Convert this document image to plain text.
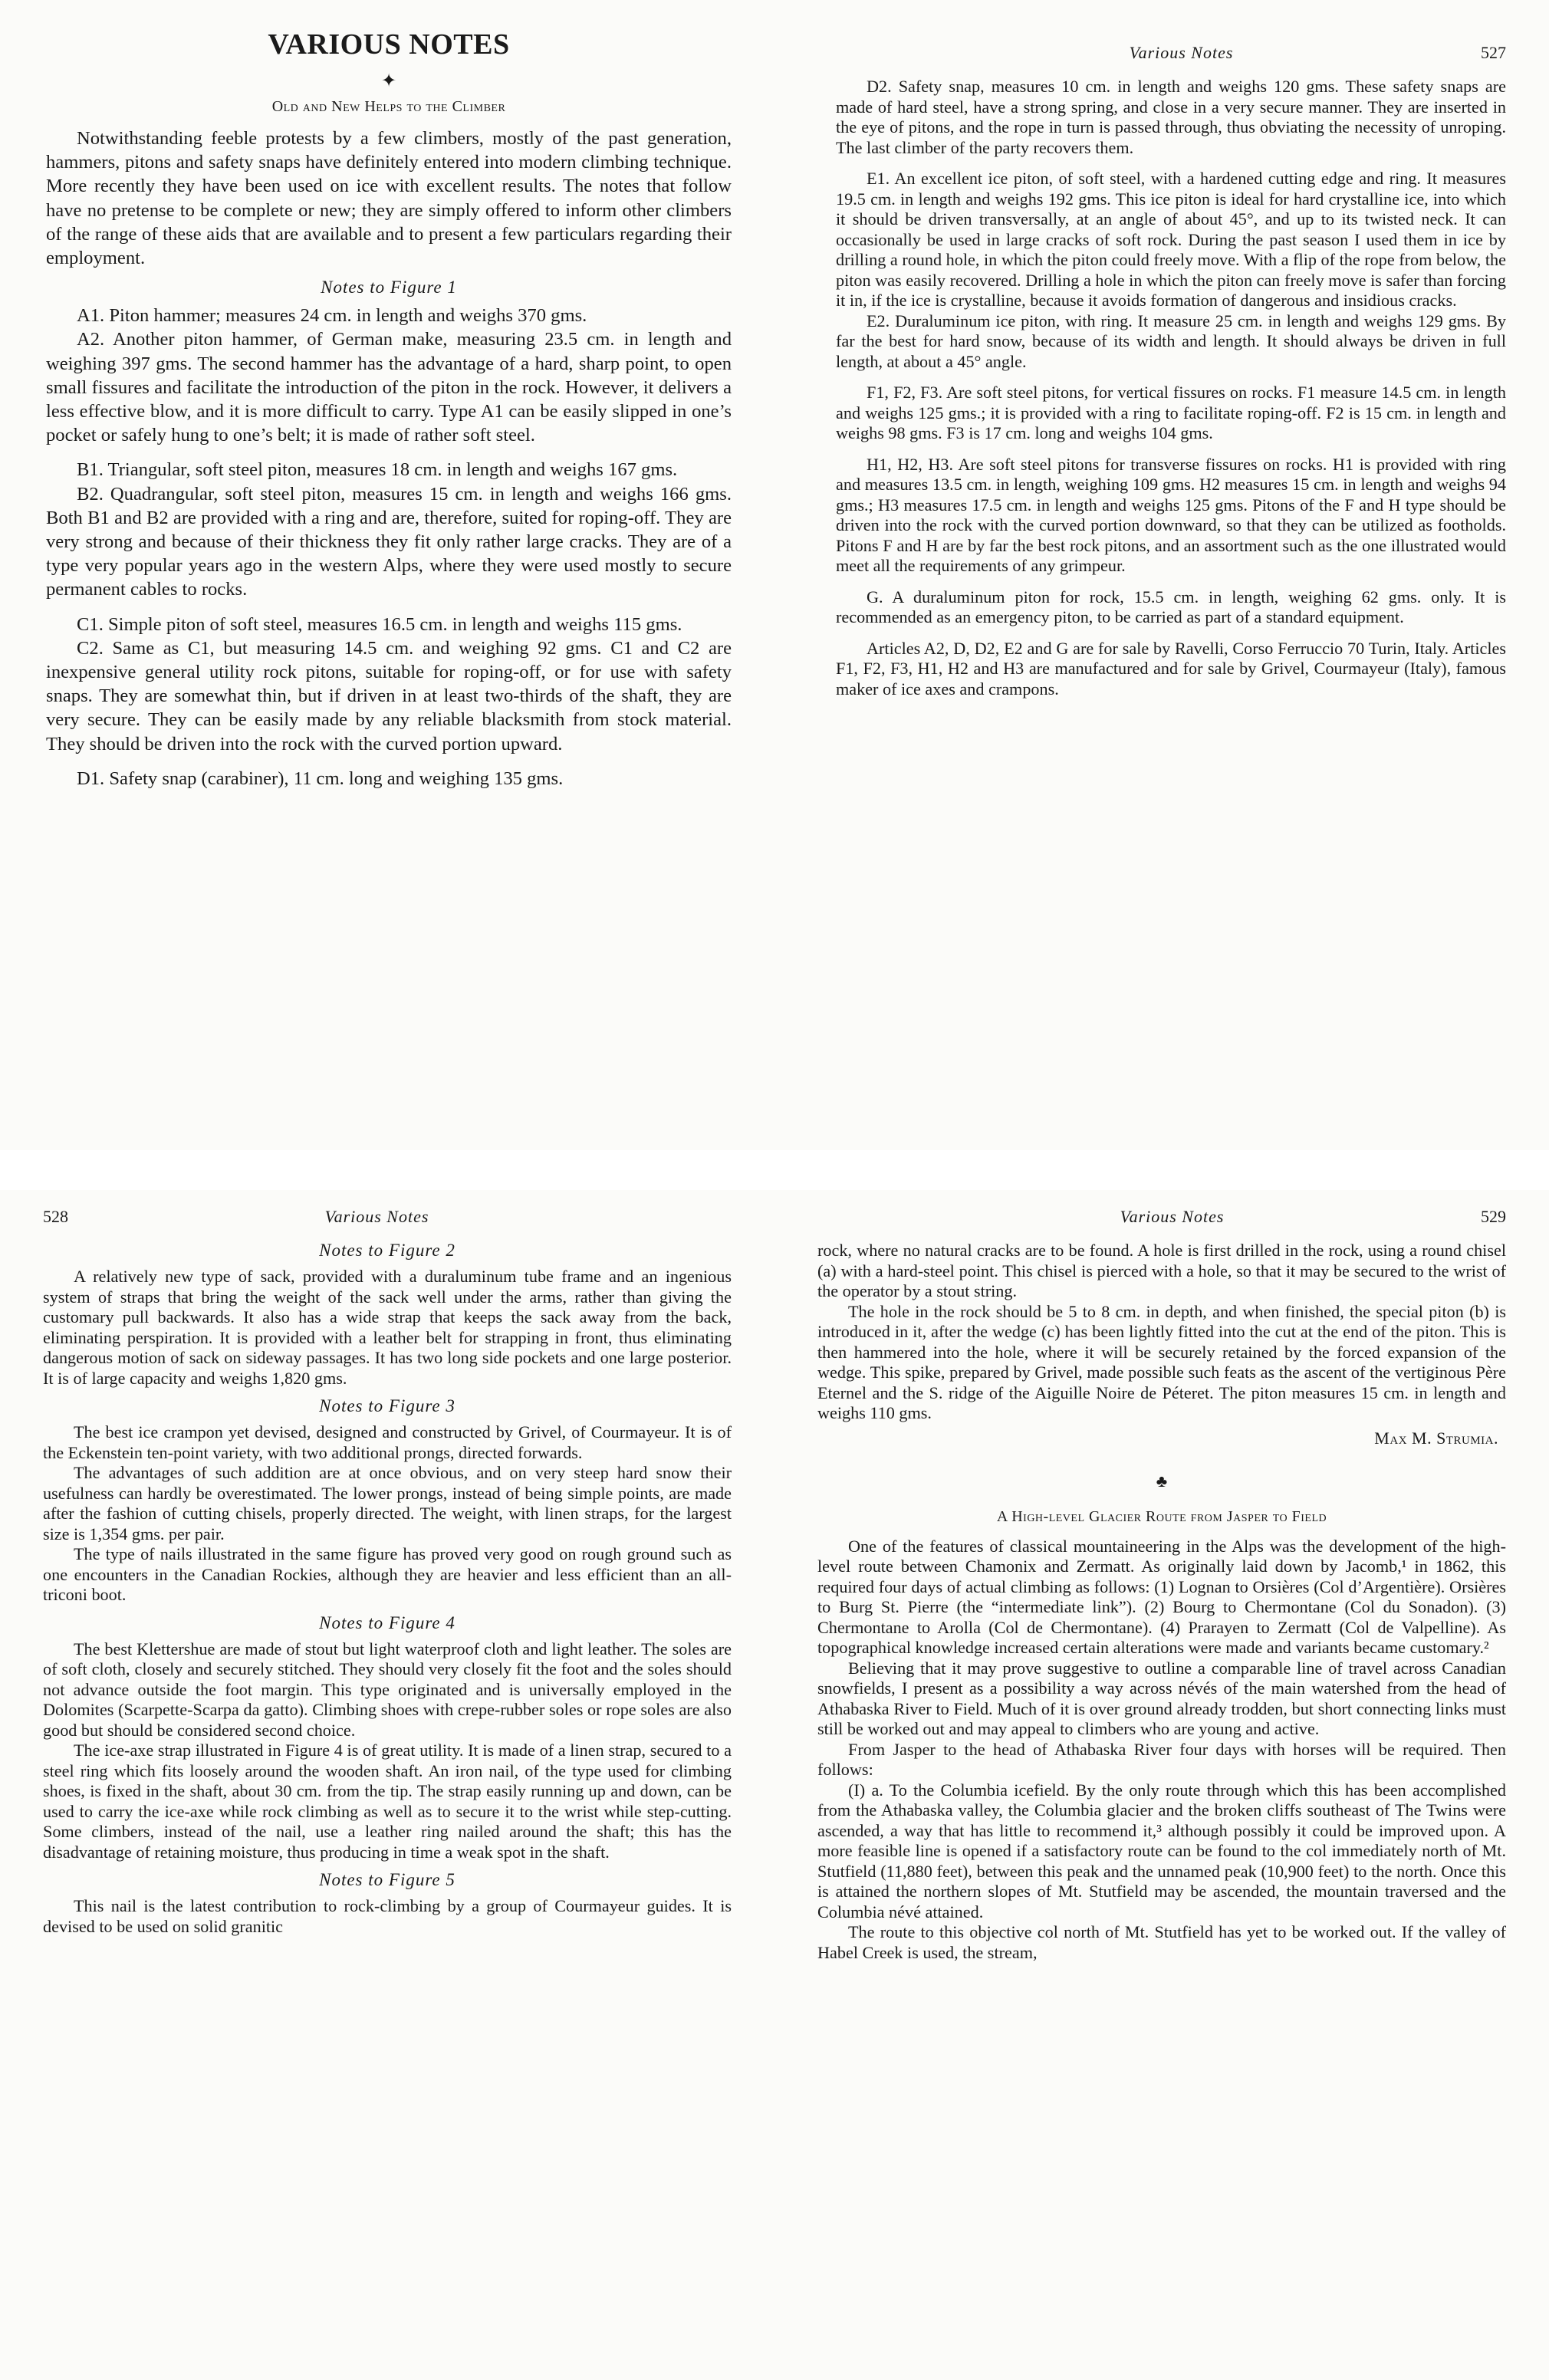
VARIOUS NOTES
✦
Old and New Helps to the Climber

Notwithstanding feeble protests by a few climbers, mostly of the past generation, hammers, pitons and safety snaps have definitely entered into modern climbing technique. More recently they have been used on ice with excellent results. The notes that follow have no pretense to be complete or new; they are simply offered to inform other climbers of the range of these aids that are available and to present a few particulars regarding their employment.

Notes to Figure 1

A1. Piton hammer; measures 24 cm. in length and weighs 370 gms.

A2. Another piton hammer, of German make, measuring 23.5 cm. in length and weighing 397 gms. The second hammer has the advantage of a hard, sharp point, to open small fissures and facilitate the introduction of the piton in the rock. However, it delivers a less effective blow, and it is more difficult to carry. Type A1 can be easily slipped in one’s pocket or safely hung to one’s belt; it is made of rather soft steel.

B1. Triangular, soft steel piton, measures 18 cm. in length and weighs 167 gms.

B2. Quadrangular, soft steel piton, measures 15 cm. in length and weighs 166 gms. Both B1 and B2 are provided with a ring and are, therefore, suited for roping-off. They are very strong and because of their thickness they fit only rather large cracks. They are of a type very popular years ago in the western Alps, where they were used mostly to secure permanent cables to rocks.

C1. Simple piton of soft steel, measures 16.5 cm. in length and weighs 115 gms.

C2. Same as C1, but measuring 14.5 cm. and weighing 92 gms. C1 and C2 are inexpensive general utility rock pitons, suitable for roping-off, or for use with safety snaps. They are somewhat thin, but if driven in at least two-thirds of the shaft, they are very secure. They can be easily made by any reliable blacksmith from stock material. They should be driven into the rock with the curved portion upward.

D1. Safety snap (carabiner), 11 cm. long and weighing 135 gms.

Various Notes	527

D2. Safety snap, measures 10 cm. in length and weighs 120 gms. These safety snaps are made of hard steel, have a strong spring, and close in a very secure manner. They are inserted in the eye of pitons, and the rope in turn is passed through, thus obviating the necessity of unroping. The last climber of the party recovers them.

E1. An excellent ice piton, of soft steel, with a hardened cutting edge and ring. It measures 19.5 cm. in length and weighs 192 gms. This ice piton is ideal for hard crystalline ice, into which it should be driven transversally, at an angle of about 45°, and up to its twisted neck. It can occasionally be used in large cracks of soft rock. During the past season I used them in ice by drilling a round hole, in which the piton could freely move. With a flip of the rope from below, the piton was easily recovered. Drilling a hole in which the piton can freely move is safer than forcing it in, if the ice is crystalline, because it avoids formation of dangerous and insidious cracks.

E2. Duraluminum ice piton, with ring. It measure 25 cm. in length and weighs 129 gms. By far the best for hard snow, because of its width and length. It should always be driven in full length, at about a 45° angle.

F1, F2, F3. Are soft steel pitons, for vertical fissures on rocks. F1 measure 14.5 cm. in length and weighs 125 gms.; it is provided with a ring to facilitate roping-off. F2 is 15 cm. in length and weighs 98 gms. F3 is 17 cm. long and weighs 104 gms.

H1, H2, H3. Are soft steel pitons for transverse fissures on rocks. H1 is provided with ring and measures 13.5 cm. in length, weighing 109 gms. H2 measures 15 cm. in length and weighs 94 gms.; H3 measures 17.5 cm. in length and weighs 125 gms. Pitons of the F and H type should be driven into the rock with the curved portion downward, so that they can be utilized as footholds. Pitons F and H are by far the best rock pitons, and an assortment such as the one illustrated would meet all the requirements of any grimpeur.

G. A duraluminum piton for rock, 15.5 cm. in length, weighing 62 gms. only. It is recommended as an emergency piton, to be carried as part of a standard equipment.

Articles A2, D, D2, E2 and G are for sale by Ravelli, Corso Ferruccio 70 Turin, Italy. Articles F1, F2, F3, H1, H2 and H3 are manufactured and for sale by Grivel, Courmayeur (Italy), famous maker of ice axes and crampons.

528	Various Notes
Notes to Figure 2

A relatively new type of sack, provided with a duraluminum tube frame and an ingenious system of straps that bring the weight of the sack well under the arms, rather than giving the customary pull backwards. It also has a wide strap that keeps the sack away from the back, eliminating perspiration. It is provided with a leather belt for strapping in front, thus eliminating dangerous motion of sack on sideway passages. It has two long side pockets and one large posterior. It is of large capacity and weighs 1,820 gms.

Notes to Figure 3

The best ice crampon yet devised, designed and constructed by Grivel, of Courmayeur. It is of the Eckenstein ten-point variety, with two additional prongs, directed forwards.

The advantages of such addition are at once obvious, and on very steep hard snow their usefulness can hardly be overestimated. The lower prongs, instead of being simple points, are made after the fashion of cutting chisels, properly directed. The weight, with linen straps, for the largest size is 1,354 gms. per pair.

The type of nails illustrated in the same figure has proved very good on rough ground such as one encounters in the Canadian Rockies, although they are heavier and less efficient than an all-triconi boot.

Notes to Figure 4

The best Klettershue are made of stout but light waterproof cloth and light leather. The soles are of soft cloth, closely and securely stitched. They should very closely fit the foot and the soles should not advance outside the foot margin. This type originated and is universally employed in the Dolomites (Scarpette-Scarpa da gatto). Climbing shoes with crepe-rubber soles or rope soles are also good but should be considered second choice.

The ice-axe strap illustrated in Figure 4 is of great utility. It is made of a linen strap, secured to a steel ring which fits loosely around the wooden shaft. An iron nail, of the type used for climbing shoes, is fixed in the shaft, about 30 cm. from the tip. The strap easily running up and down, can be used to carry the ice-axe while rock climbing as well as to secure it to the wrist while step-cutting. Some climbers, instead of the nail, use a leather ring nailed around the shaft; this has the disadvantage of retaining moisture, thus producing in time a weak spot in the shaft.

Notes to Figure 5

This nail is the latest contribution to rock-climbing by a group of Courmayeur guides. It is devised to be used on solid granitic

Various Notes	529

rock, where no natural cracks are to be found. A hole is first drilled in the rock, using a round chisel (a) with a hard-steel point. This chisel is pierced with a hole, so that it may be secured to the wrist of the operator by a stout string.

The hole in the rock should be 5 to 8 cm. in depth, and when finished, the special piton (b) is introduced in it, after the wedge (c) has been lightly fitted into the cut at the end of the piton. This is then hammered into the hole, where it will be securely retained by the forced expansion of the wedge. This spike, prepared by Grivel, made possible such feats as the ascent of the vertiginous Père Eternel and the S. ridge of the Aiguille Noire de Péteret. The piton measures 15 cm. in length and weighs 110 gms.

Max M. Strumia.
♣
A High-level Glacier Route from Jasper to Field

One of the features of classical mountaineering in the Alps was the development of the high-level route between Chamonix and Zermatt. As originally laid down by Jacomb,¹ in 1862, this required four days of actual climbing as follows: (1) Lognan to Orsières (Col d’Argentière). Orsières to Burg St. Pierre (the “intermediate link”). (2) Bourg to Chermontane (Col du Sonadon). (3) Chermontane to Arolla (Col de Chermontane). (4) Prarayen to Zermatt (Col de Valpelline). As topographical knowledge increased certain alterations were made and variants became customary.²

Believing that it may prove suggestive to outline a comparable line of travel across Canadian snowfields, I present as a possibility a way across névés of the main watershed from the head of Athabaska River to Field. Much of it is over ground already trodden, but short connecting links must still be worked out and may appeal to climbers who are young and active.

From Jasper to the head of Athabaska River four days with horses will be required. Then follows:

(I) a. To the Columbia icefield. By the only route through which this has been accomplished from the Athabaska valley, the Columbia glacier and the broken cliffs southeast of The Twins were ascended, a way that has little to recommend it,³ although possibly it could be improved upon. A more feasible line is opened if a satisfactory route can be found to the col immediately north of Mt. Stutfield (11,880 feet), between this peak and the unnamed peak (10,900 feet) to the north. Once this is attained the northern slopes of Mt. Stutfield may be ascended, the mountain traversed and the Columbia névé attained.

The route to this objective col north of Mt. Stutfield has yet to be worked out. If the valley of Habel Creek is used, the stream,
